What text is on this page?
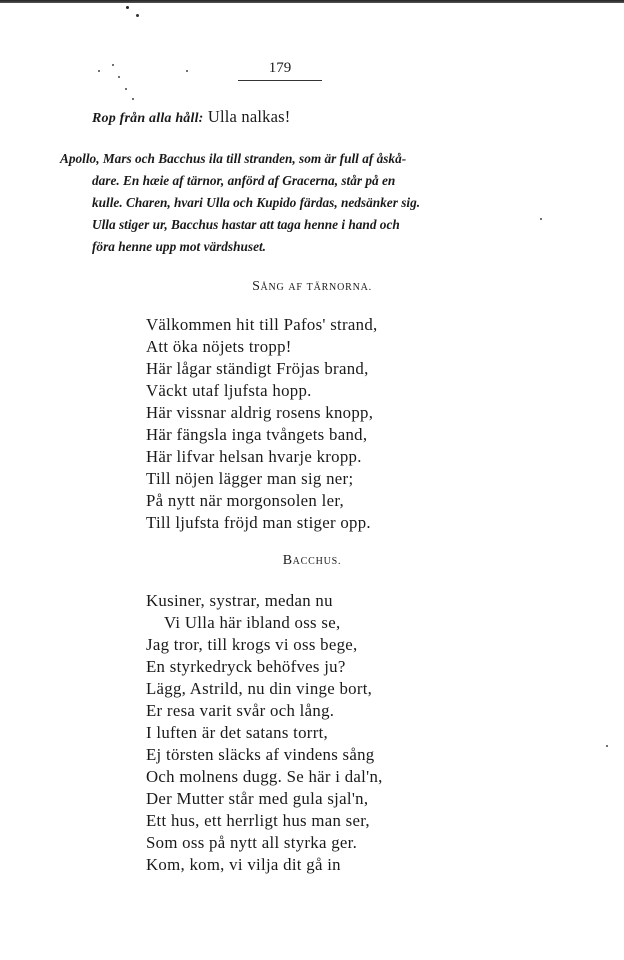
179
Rop från alla håll: Ulla nalkas!
Apollo, Mars och Bacchus ila till stranden, som är full af åskå-
dare. En hæie af tärnor, anförd af Gracerna, står på en
kulle. Charen, hvari Ulla och Kupido färdas, nedsänker sig.
Ulla stiger ur, Bacchus hastar att taga henne i hand och
föra henne upp mot värdshuset.
SÅNG AF TÄRNORNA.
Välkommen hit till Pafos' strand,
Att öka nöjets tropp!
Här lågar ständigt Fröjas brand,
Väckt utaf ljufsta hopp.
Här vissnar aldrig rosens knopp,
Här fängsla inga tvångets band,
Här lifvar helsan hvarje kropp.
Till nöjen lägger man sig ner;
På nytt när morgonsolen ler,
Till ljufsta fröjd man stiger opp.
BACCHUS.
Kusiner, systrar, medan nu
Vi Ulla här ibland oss se,
Jag tror, till krogs vi oss bege,
En styrkedryck behöfves ju?
Lägg, Astrild, nu din vinge bort,
Er resa varit svår och lång.
I luften är det satans torrt,
Ej törsten släcks af vindens sång
Och molnens dugg. Se här i dal'n,
Der Mutter står med gula sjal'n,
Ett hus, ett herrligt hus man ser,
Som oss på nytt all styrka ger.
Kom, kom, vi vilja dit gå in
